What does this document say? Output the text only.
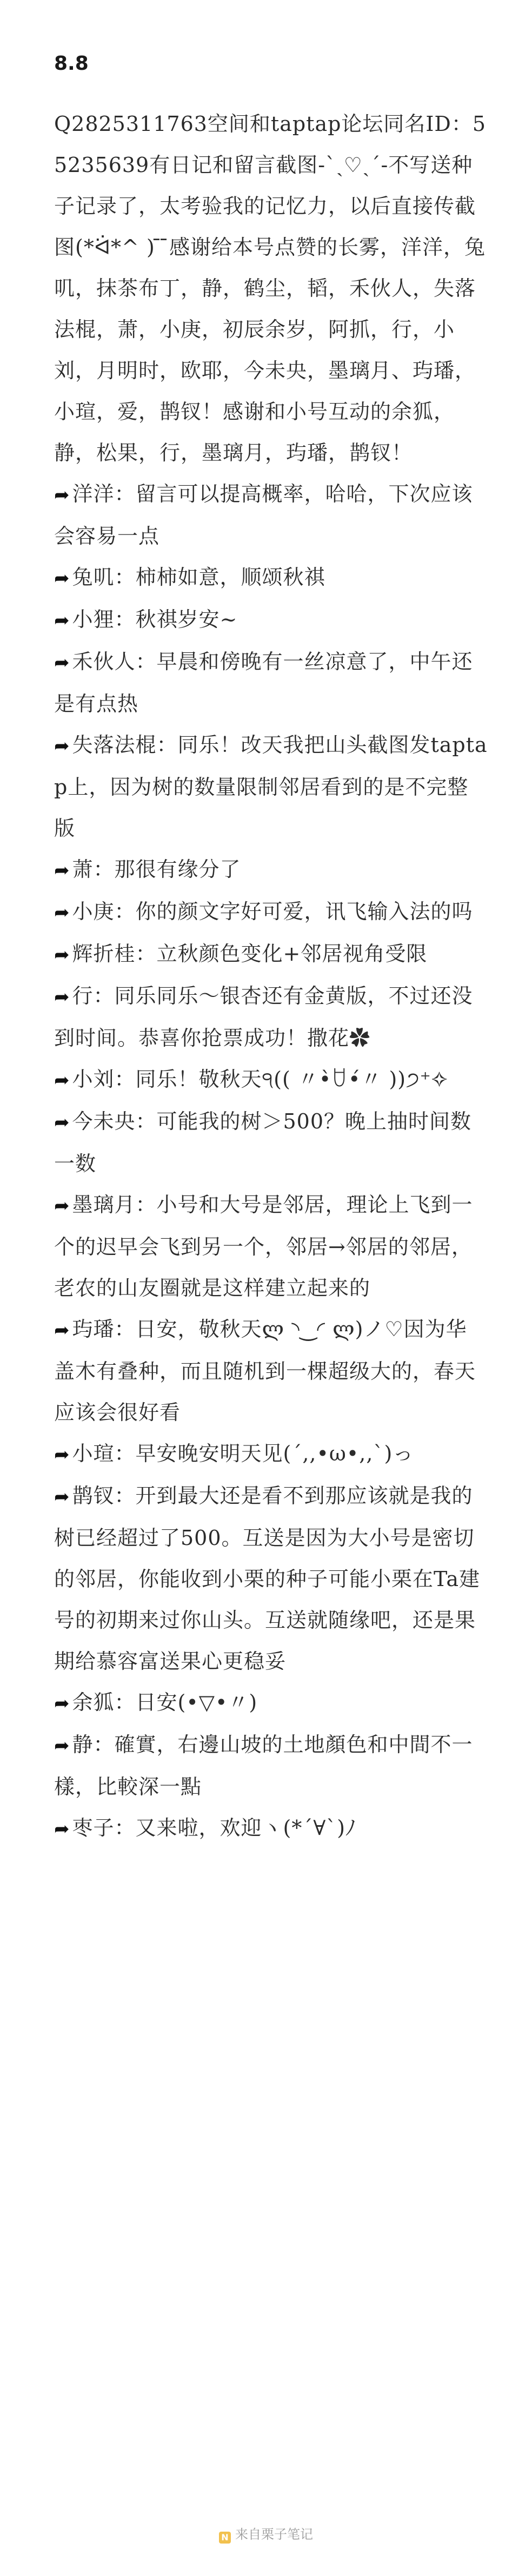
8.8

Q2825311763空间和taptap论坛同名ID：55235639有日记和留言截图-`ˏ♡ˎ´-不写送种子记录了，太考验我的记忆力，以后直接传截图(*ᐛ*^ ) ̄ ̄感谢给本号点赞的长雾，洋洋，兔叽，抹茶布丁，静，鹤尘，韬，禾伙人，失落法棍，萧，小庚，初辰余岁，阿抓，行，小刘，月明时，欧耶，今未央，墨璃月、玙璠，小瑄，爱，鹊钗！感谢和小号互动的余狐，静，松果，行，墨璃月，玙璠，鹊钗！

➦ 洋洋：留言可以提高概率，哈哈，下次应该会容易一点

➦ 兔叽：柿柿如意，顺颂秋祺

➦ 小狸：秋祺岁安~

➦ 禾伙人：早晨和傍晚有一丝凉意了，中午还是有点热

➦ 失落法棍：同乐！改天我把山头截图发taptap上，因为树的数量限制邻居看到的是不完整版

➦ 萧：那很有缘分了

➦ 小庚：你的颜文字好可爱，讯飞输入法的吗

➦ 辉折桂：立秋颜色变化+邻居视角受限

➦ 行：同乐同乐～银杏还有金黄版，不过还没到时间。恭喜你抢票成功！撒花✿

➦ 小刘：同乐！敬秋天੧(( 〃•̀ꇴ•́〃 ))੭⁺✧

➦ 今未央：可能我的树＞500？晚上抽时间数一数

➦ 墨璃月：小号和大号是邻居，理论上飞到一个的迟早会飞到另一个，邻居→邻居的邻居，老农的山友圈就是这样建立起来的

➦ 玙璠：日安，敬秋天ლ ◝‿◜ ლ)ノ♡因为华盖木有叠种，而且随机到一棵超级大的，春天应该会很好看

➦ 小瑄：早安晚安明天见(´,,•ω•,,`)っ

➦ 鹊钗：开到最大还是看不到那应该就是我的树已经超过了500。互送是因为大小号是密切的邻居，你能收到小栗的种子可能小栗在Ta建号的初期来过你山头。互送就随缘吧，还是果期给慕容富送果心更稳妥

➦ 余狐：日安(•▽•〃)

➦ 静：確實，右邊山坡的土地顏色和中間不一樣，比較深一點

➦ 枣子：又来啦，欢迎ヽ(*´∀`)ﾉ

N 来自栗子笔记
